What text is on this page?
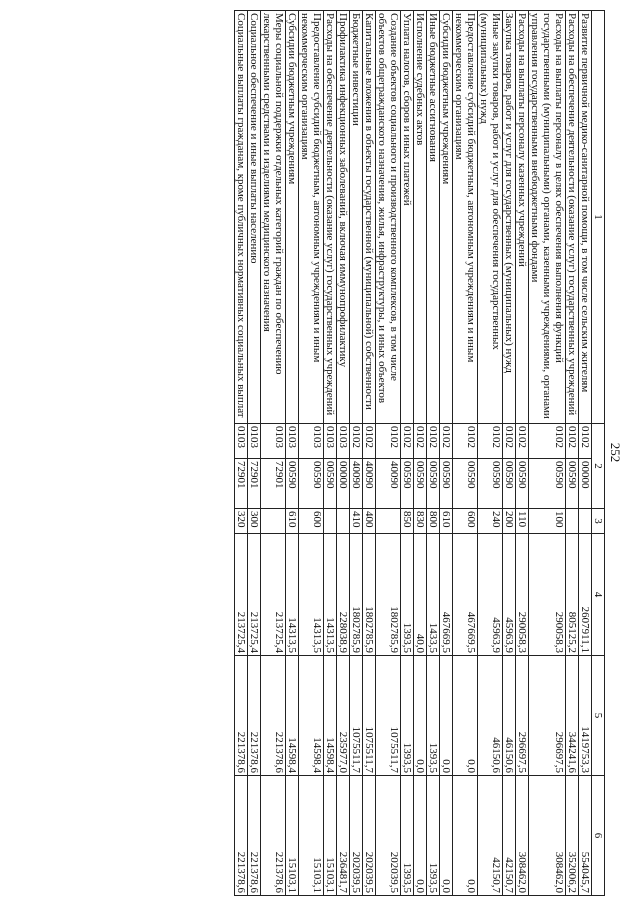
252
1	2		3	4	5	6
Развитие первичной медико-санитарной помощи, в том числе сельским жителям	0102	00000		2607911,1	1419753,3	554045,7
Расходы на обеспечение деятельности (оказание услуг) государственных учреждений	0102	00590		805125,2	344241,6	352006,2
Расходы на выплаты персоналу в целях обеспечения выполнения функций государственными (муниципальными) органами, казенными учреждениями, органами управления государственными внебюджетными фондами	0102	00590	100	290058,3	296697,5	308462,0
Расходы на выплаты персоналу казенных учреждений	0102	00590	110	290058,3	296697,5	308462,0
Закупка товаров, работ и услуг для государственных (муниципальных) нужд	0102	00590	200	45963,9	46150,6	42150,7
Иные закупки товаров, работ и услуг для обеспечения государственных (муниципальных) нужд	0102	00590	240	45963,9	46150,6	42150,7
Предоставление субсидий бюджетным, автономным учреждениям и иным некоммерческим организациям	0102	00590	600	467669,5	0,0	0,0
Субсидии бюджетным учреждениям	0102	00590	610	467669,5	0,0	0,0
Иные бюджетные ассигнования	0102	00590	800	1433,5	1393,5	1393,5
Исполнение судебных актов	0102	00590	830	40,0	0,0	0,0
Уплата налогов, сборов и иных платежей	0102	00590	850	1393,5	1393,5	1393,5
Создание объектов социального и производственного комплексов, в том числе объектов общегражданского назначения, жилья, инфраструктуры, и иных объектов	0102	40090		1802785,9	1075511,7	202039,5
Капитальные вложения в объекты государственной (муниципальной) собственности	0102	40090	400	1802785,9	1075511,7	202039,5
Бюджетные инвестиции	0102	40090	410	1802785,9	1075511,7	202039,5
Профилактика инфекционных заболеваний, включая иммунопрофилактику	0103	00000		228038,9	235977,0	236481,7
Расходы на обеспечение деятельности (оказание услуг) государственных учреждений	0103	00590		14313,5	14598,4	15103,1
Предоставление субсидий бюджетным, автономным учреждениям и иным некоммерческим организациям	0103	00590	600	14313,5	14598,4	15103,1
Субсидии бюджетным учреждениям	0103	00590	610	14313,5	14598,4	15103,1
Меры социальной поддержки отдельных категорий граждан по обеспечению лекарственными средствами и изделиями медицинского назначения	0103	72901		213725,4	221378,6	221378,6
Социальное обеспечение и иные выплаты населению	0103	72901	300	213725,4	221378,6	221378,6
Социальные выплаты гражданам, кроме публичных нормативных социальных выплат	0103	72901	320	213725,4	221378,6	221378,6
